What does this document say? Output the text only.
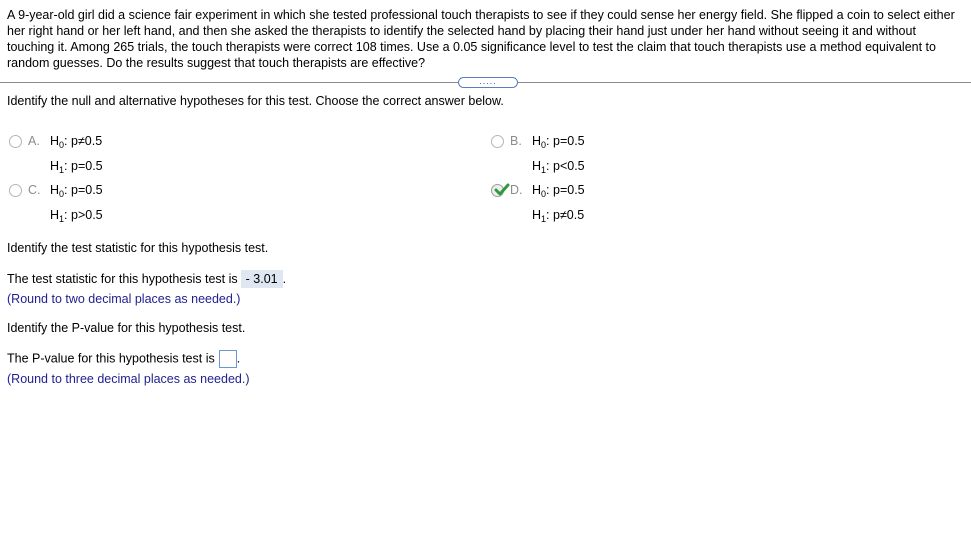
A 9-year-old girl did a science fair experiment in which she tested professional touch therapists to see if they could sense her energy field. She flipped a coin to select either her right hand or her left hand, and then she asked the therapists to identify the selected hand by placing their hand just under her hand without seeing it and without touching it. Among 265 trials, the touch therapists were correct 108 times. Use a 0.05 significance level to test the claim that touch therapists use a method equivalent to random guesses. Do the results suggest that touch therapists are effective?
.....
Identify the null and alternative hypotheses for this test. Choose the correct answer below.
A. $H_0$: p≠0.5
$H_1$: p=0.5
B. $H_0$: p=0.5
$H_1$: p<0.5
C. $H_0$: p=0.5
$H_1$: p>0.5
D. $H_0$: p=0.5
$H_1$: p≠0.5
Identify the test statistic for this hypothesis test.
The test statistic for this hypothesis test is - 3.01 .
(Round to two decimal places as needed.)
Identify the P-value for this hypothesis test.
The P-value for this hypothesis test is .
(Round to three decimal places as needed.)
